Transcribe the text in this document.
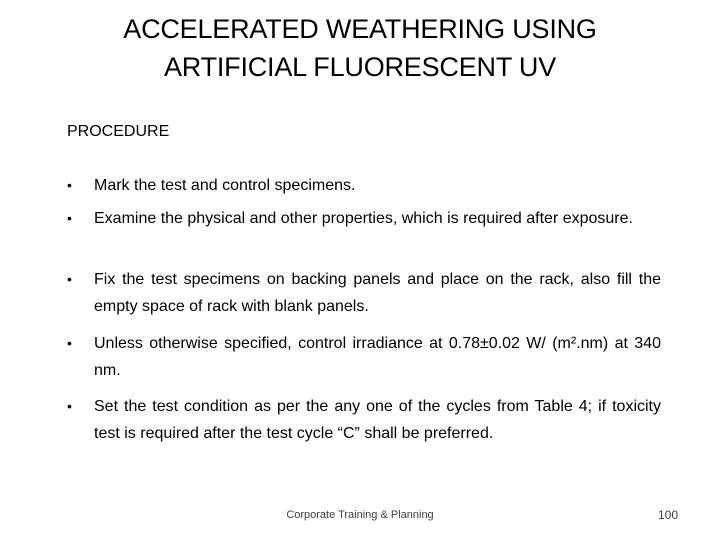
ACCELERATED WEATHERING USING
ARTIFICIAL FLUORESCENT UV
PROCEDURE
•	Mark the test and control specimens.
•	Examine the physical and other properties, which is required after exposure.
•	Fix the test specimens on backing panels and place on the rack, also fill the empty space of rack with blank panels.
•	Unless otherwise specified, control irradiance at 0.78±0.02 W/ (m².nm) at 340 nm.
•	Set the test condition as per the any one of the cycles from Table 4; if toxicity test is required after the test cycle “C” shall be preferred.
Corporate Training & Planning	100
